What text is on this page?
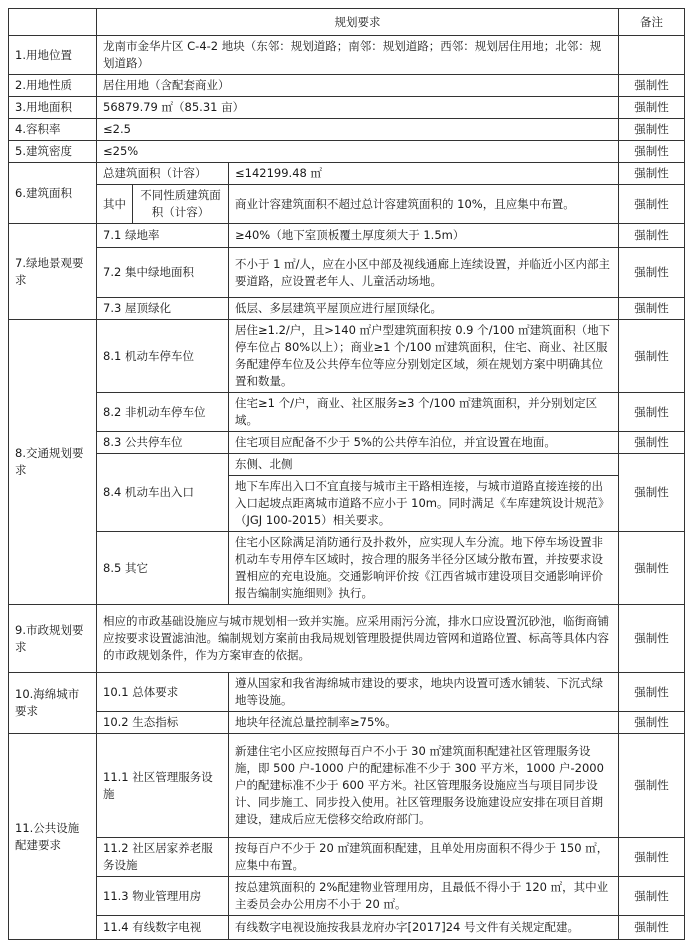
	规划要求			备注
1.用地位置	龙南市金华片区 C-4-2 地块（东邻：规划道路；南邻：规划道路；西邻：规划居住用地；北邻：规划道路）			
2.用地性质	居住用地（含配套商业）			强制性
3.用地面积	56879.79 ㎡（85.31 亩）			强制性
4.容积率	≤2.5			强制性
5.建筑密度	≤25%			强制性
6.建筑面积	总建筑面积（计容）		≤142199.48 ㎡	强制性
	其中	不同性质建筑面积（计容）	商业计容建筑面积不超过总计容建筑面积的 10%，且应集中布置。	强制性
7.绿地景观要求	7.1 绿地率		≥40%（地下室顶板覆土厚度须大于 1.5m）	强制性
	7.2 集中绿地面积		不小于 1 ㎡/人，应在小区中部及视线通廊上连续设置，并临近小区内部主要道路，应设置老年人、儿童活动场地。	强制性
	7.3 屋顶绿化		低层、多层建筑平屋顶应进行屋顶绿化。	强制性
8.交通规划要求	8.1 机动车停车位		居住≥1.2/户，且>140 ㎡户型建筑面积按 0.9 个/100 ㎡建筑面积（地下停车位占 80%以上）；商业≥1 个/100 ㎡建筑面积，住宅、商业、社区服务配建停车位及公共停车位等应分别划定区域，须在规划方案中明确其位置和数量。	强制性
	8.2 非机动车停车位		住宅≥1 个/户，商业、社区服务≥3 个/100 ㎡建筑面积，并分别划定区域。	强制性
	8.3 公共停车位		住宅项目应配备不少于 5%的公共停车泊位，并宜设置在地面。	强制性
	8.4 机动车出入口		东侧、北侧	强制性
			地下车库出入口不宜直接与城市主干路相连接，与城市道路直接连接的出入口起坡点距离城市道路不应小于 10m。同时满足《车库建筑设计规范》（JGJ 100-2015）相关要求。	
	8.5 其它		住宅小区除满足消防通行及扑救外，应实现人车分流。地下停车场设置非机动车专用停车区域时，按合理的服务半径分区域分散布置，并按要求设置相应的充电设施。交通影响评价按《江西省城市建设项目交通影响评价报告编制实施细则》执行。	强制性
9.市政规划要求	相应的市政基础设施应与城市规划相一致并实施。应采用雨污分流，排水口应设置沉砂池，临街商铺应按要求设置滤油池。编制规划方案前由我局规划管理股提供周边管网和道路位置、标高等具体内容的市政规划条件，作为方案审查的依据。			强制性
10.海绵城市要求	10.1 总体要求		遵从国家和我省海绵城市建设的要求，地块内设置可透水铺装、下沉式绿地等设施。	强制性
	10.2 生态指标		地块年径流总量控制率≥75%。	强制性
11.公共设施配建要求	11.1 社区管理服务设施		新建住宅小区应按照每百户不小于 30 ㎡建筑面积配建社区管理服务设施，即 500 户-1000 户的配建标准不少于 300 平方米，1000 户-2000 户的配建标准不少于 600 平方米。社区管理服务设施应当与项目同步设计、同步施工、同步投入使用。社区管理服务设施建设应安排在项目首期建设，建成后应无偿移交给政府部门。	强制性
	11.2 社区居家养老服务设施		按每百户不少于 20 ㎡建筑面积配建，且单处用房面积不得少于 150 ㎡，应集中布置。	强制性
	11.3 物业管理用房		按总建筑面积的 2%配建物业管理用房，且最低不得小于 120 ㎡，其中业主委员会办公用房不小于 20 ㎡。	强制性
	11.4 有线数字电视		有线数字电视设施按我县龙府办字[2017]24 号文件有关规定配建。	强制性
